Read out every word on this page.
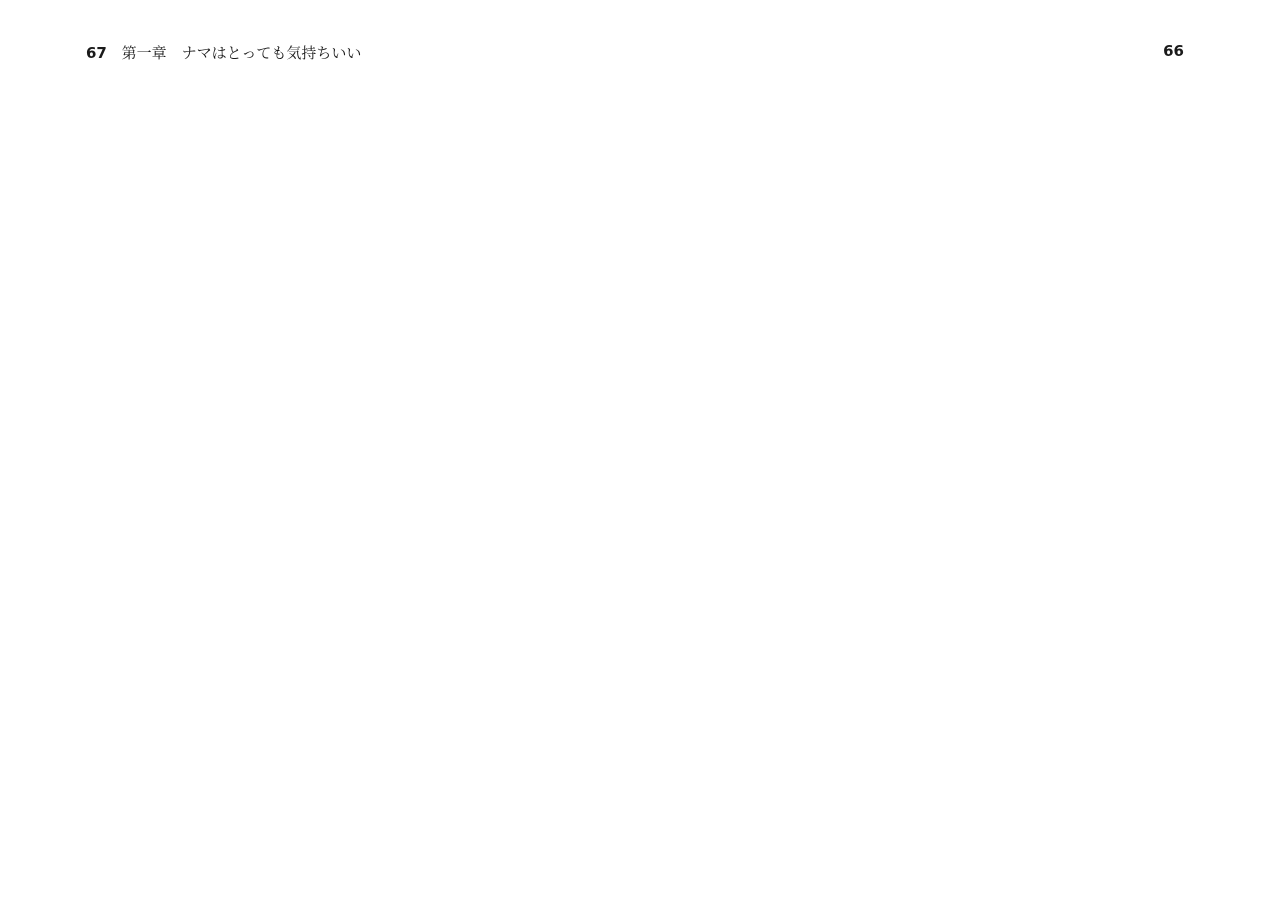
67 第一章　ナマはとっても気持ちいい	66
